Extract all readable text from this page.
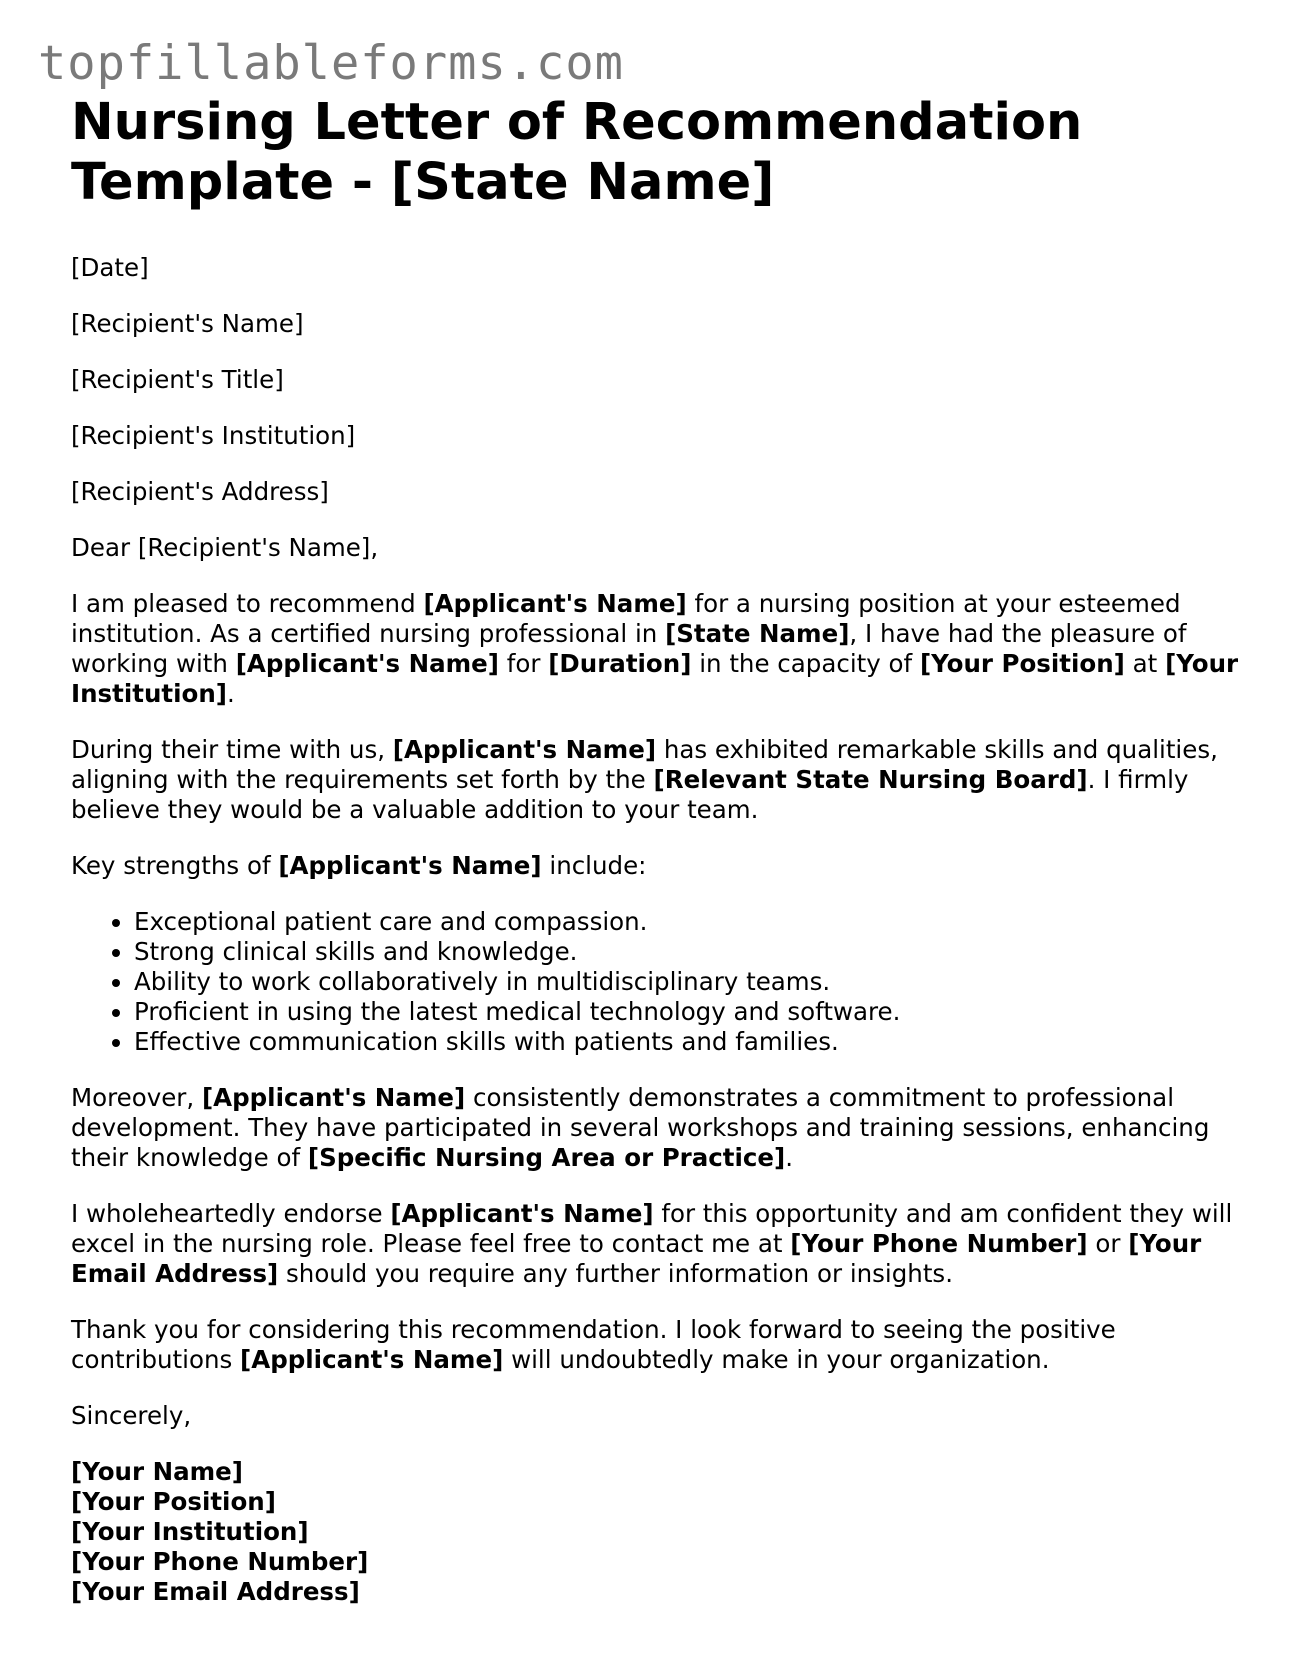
topfillableforms.com
Nursing Letter of Recommendation Template - [State Name]

[Date]

[Recipient's Name]

[Recipient's Title]

[Recipient's Institution]

[Recipient's Address]

Dear [Recipient's Name],

I am pleased to recommend [Applicant's Name] for a nursing position at your esteemed institution. As a certified nursing professional in [State Name], I have had the pleasure of working with [Applicant's Name] for [Duration] in the capacity of [Your Position] at [Your Institution].

During their time with us, [Applicant's Name] has exhibited remarkable skills and qualities, aligning with the requirements set forth by the [Relevant State Nursing Board]. I firmly believe they would be a valuable addition to your team.

Key strengths of [Applicant's Name] include:

• Exceptional patient care and compassion.
• Strong clinical skills and knowledge.
• Ability to work collaboratively in multidisciplinary teams.
• Proficient in using the latest medical technology and software.
• Effective communication skills with patients and families.

Moreover, [Applicant's Name] consistently demonstrates a commitment to professional development. They have participated in several workshops and training sessions, enhancing their knowledge of [Specific Nursing Area or Practice].

I wholeheartedly endorse [Applicant's Name] for this opportunity and am confident they will excel in the nursing role. Please feel free to contact me at [Your Phone Number] or [Your Email Address] should you require any further information or insights.

Thank you for considering this recommendation. I look forward to seeing the positive contributions [Applicant's Name] will undoubtedly make in your organization.

Sincerely,

[Your Name]
[Your Position]
[Your Institution]
[Your Phone Number]
[Your Email Address]
